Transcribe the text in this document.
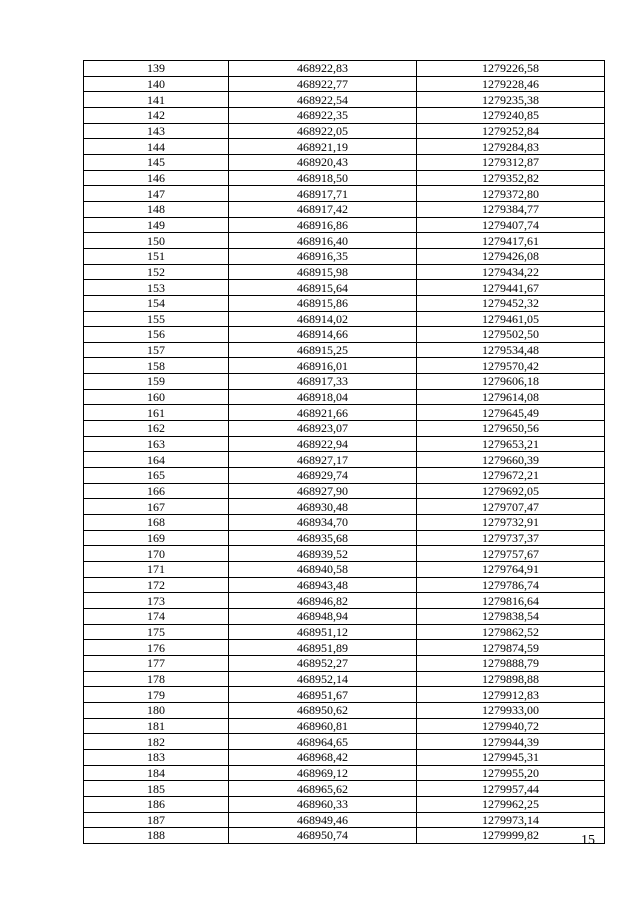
139	468922,83	1279226,58
140	468922,77	1279228,46
141	468922,54	1279235,38
142	468922,35	1279240,85
143	468922,05	1279252,84
144	468921,19	1279284,83
145	468920,43	1279312,87
146	468918,50	1279352,82
147	468917,71	1279372,80
148	468917,42	1279384,77
149	468916,86	1279407,74
150	468916,40	1279417,61
151	468916,35	1279426,08
152	468915,98	1279434,22
153	468915,64	1279441,67
154	468915,86	1279452,32
155	468914,02	1279461,05
156	468914,66	1279502,50
157	468915,25	1279534,48
158	468916,01	1279570,42
159	468917,33	1279606,18
160	468918,04	1279614,08
161	468921,66	1279645,49
162	468923,07	1279650,56
163	468922,94	1279653,21
164	468927,17	1279660,39
165	468929,74	1279672,21
166	468927,90	1279692,05
167	468930,48	1279707,47
168	468934,70	1279732,91
169	468935,68	1279737,37
170	468939,52	1279757,67
171	468940,58	1279764,91
172	468943,48	1279786,74
173	468946,82	1279816,64
174	468948,94	1279838,54
175	468951,12	1279862,52
176	468951,89	1279874,59
177	468952,27	1279888,79
178	468952,14	1279898,88
179	468951,67	1279912,83
180	468950,62	1279933,00
181	468960,81	1279940,72
182	468964,65	1279944,39
183	468968,42	1279945,31
184	468969,12	1279955,20
185	468965,62	1279957,44
186	468960,33	1279962,25
187	468949,46	1279973,14
188	468950,74	1279999,82	15
